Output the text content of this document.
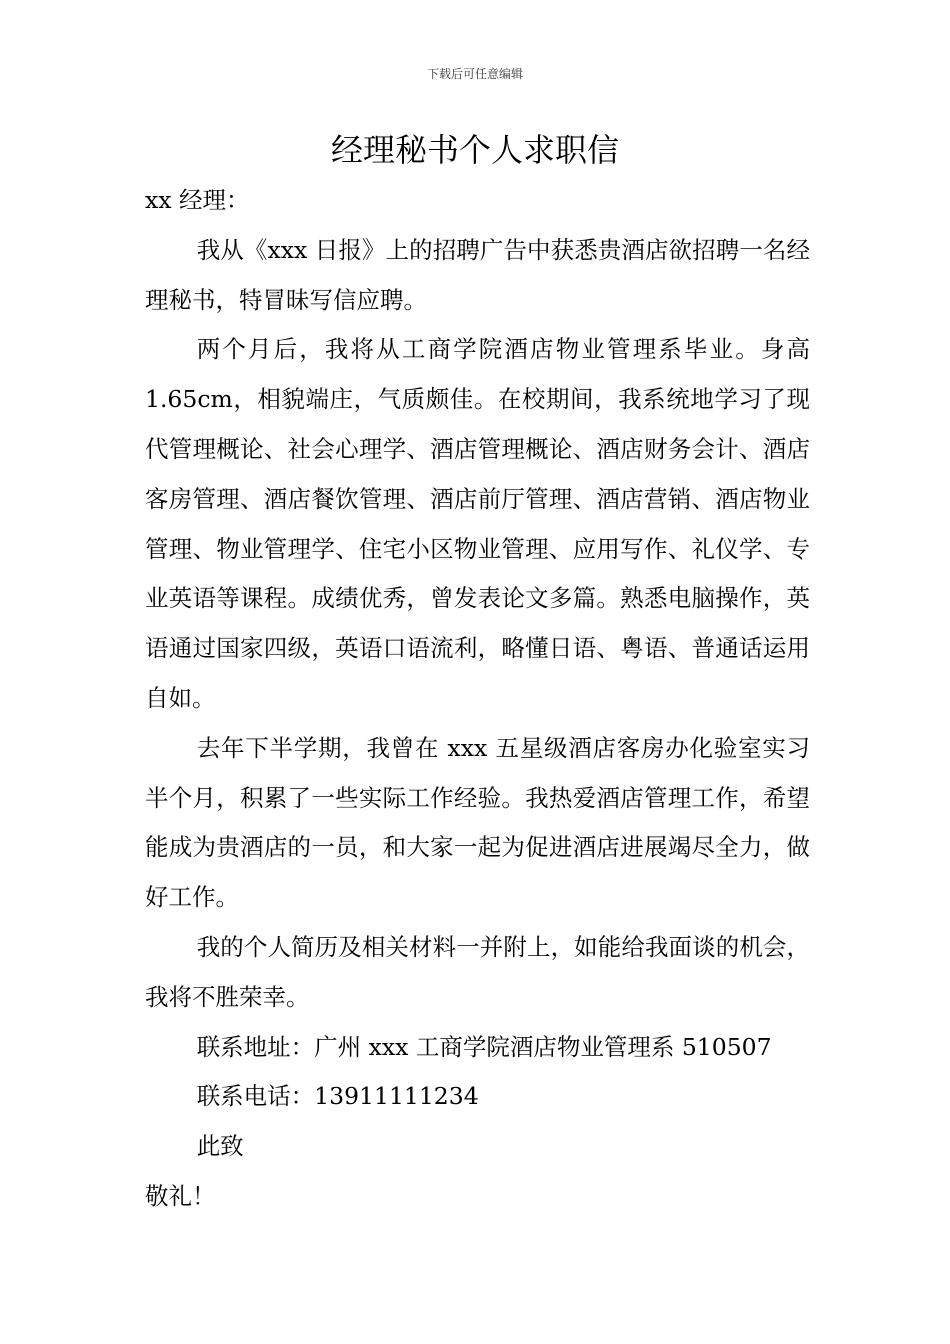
下载后可任意编辑
经理秘书个人求职信

xx 经理：

我从《xxx 日报》上的招聘广告中获悉贵酒店欲招聘一名经理秘书，特冒昧写信应聘。

两个月后，我将从工商学院酒店物业管理系毕业。身高 1.65cm，相貌端庄，气质颇佳。在校期间，我系统地学习了现代管理概论、社会心理学、酒店管理概论、酒店财务会计、酒店客房管理、酒店餐饮管理、酒店前厅管理、酒店营销、酒店物业管理、物业管理学、住宅小区物业管理、应用写作、礼仪学、专业英语等课程。成绩优秀，曾发表论文多篇。熟悉电脑操作，英语通过国家四级，英语口语流利，略懂日语、粤语、普通话运用自如。

去年下半学期，我曾在 xxx 五星级酒店客房办化验室实习半个月，积累了一些实际工作经验。我热爱酒店管理工作，希望能成为贵酒店的一员，和大家一起为促进酒店进展竭尽全力，做好工作。

我的个人简历及相关材料一并附上，如能给我面谈的机会，我将不胜荣幸。

联系地址：广州 xxx 工商学院酒店物业管理系 510507

联系电话：13911111234

此致

敬礼！
